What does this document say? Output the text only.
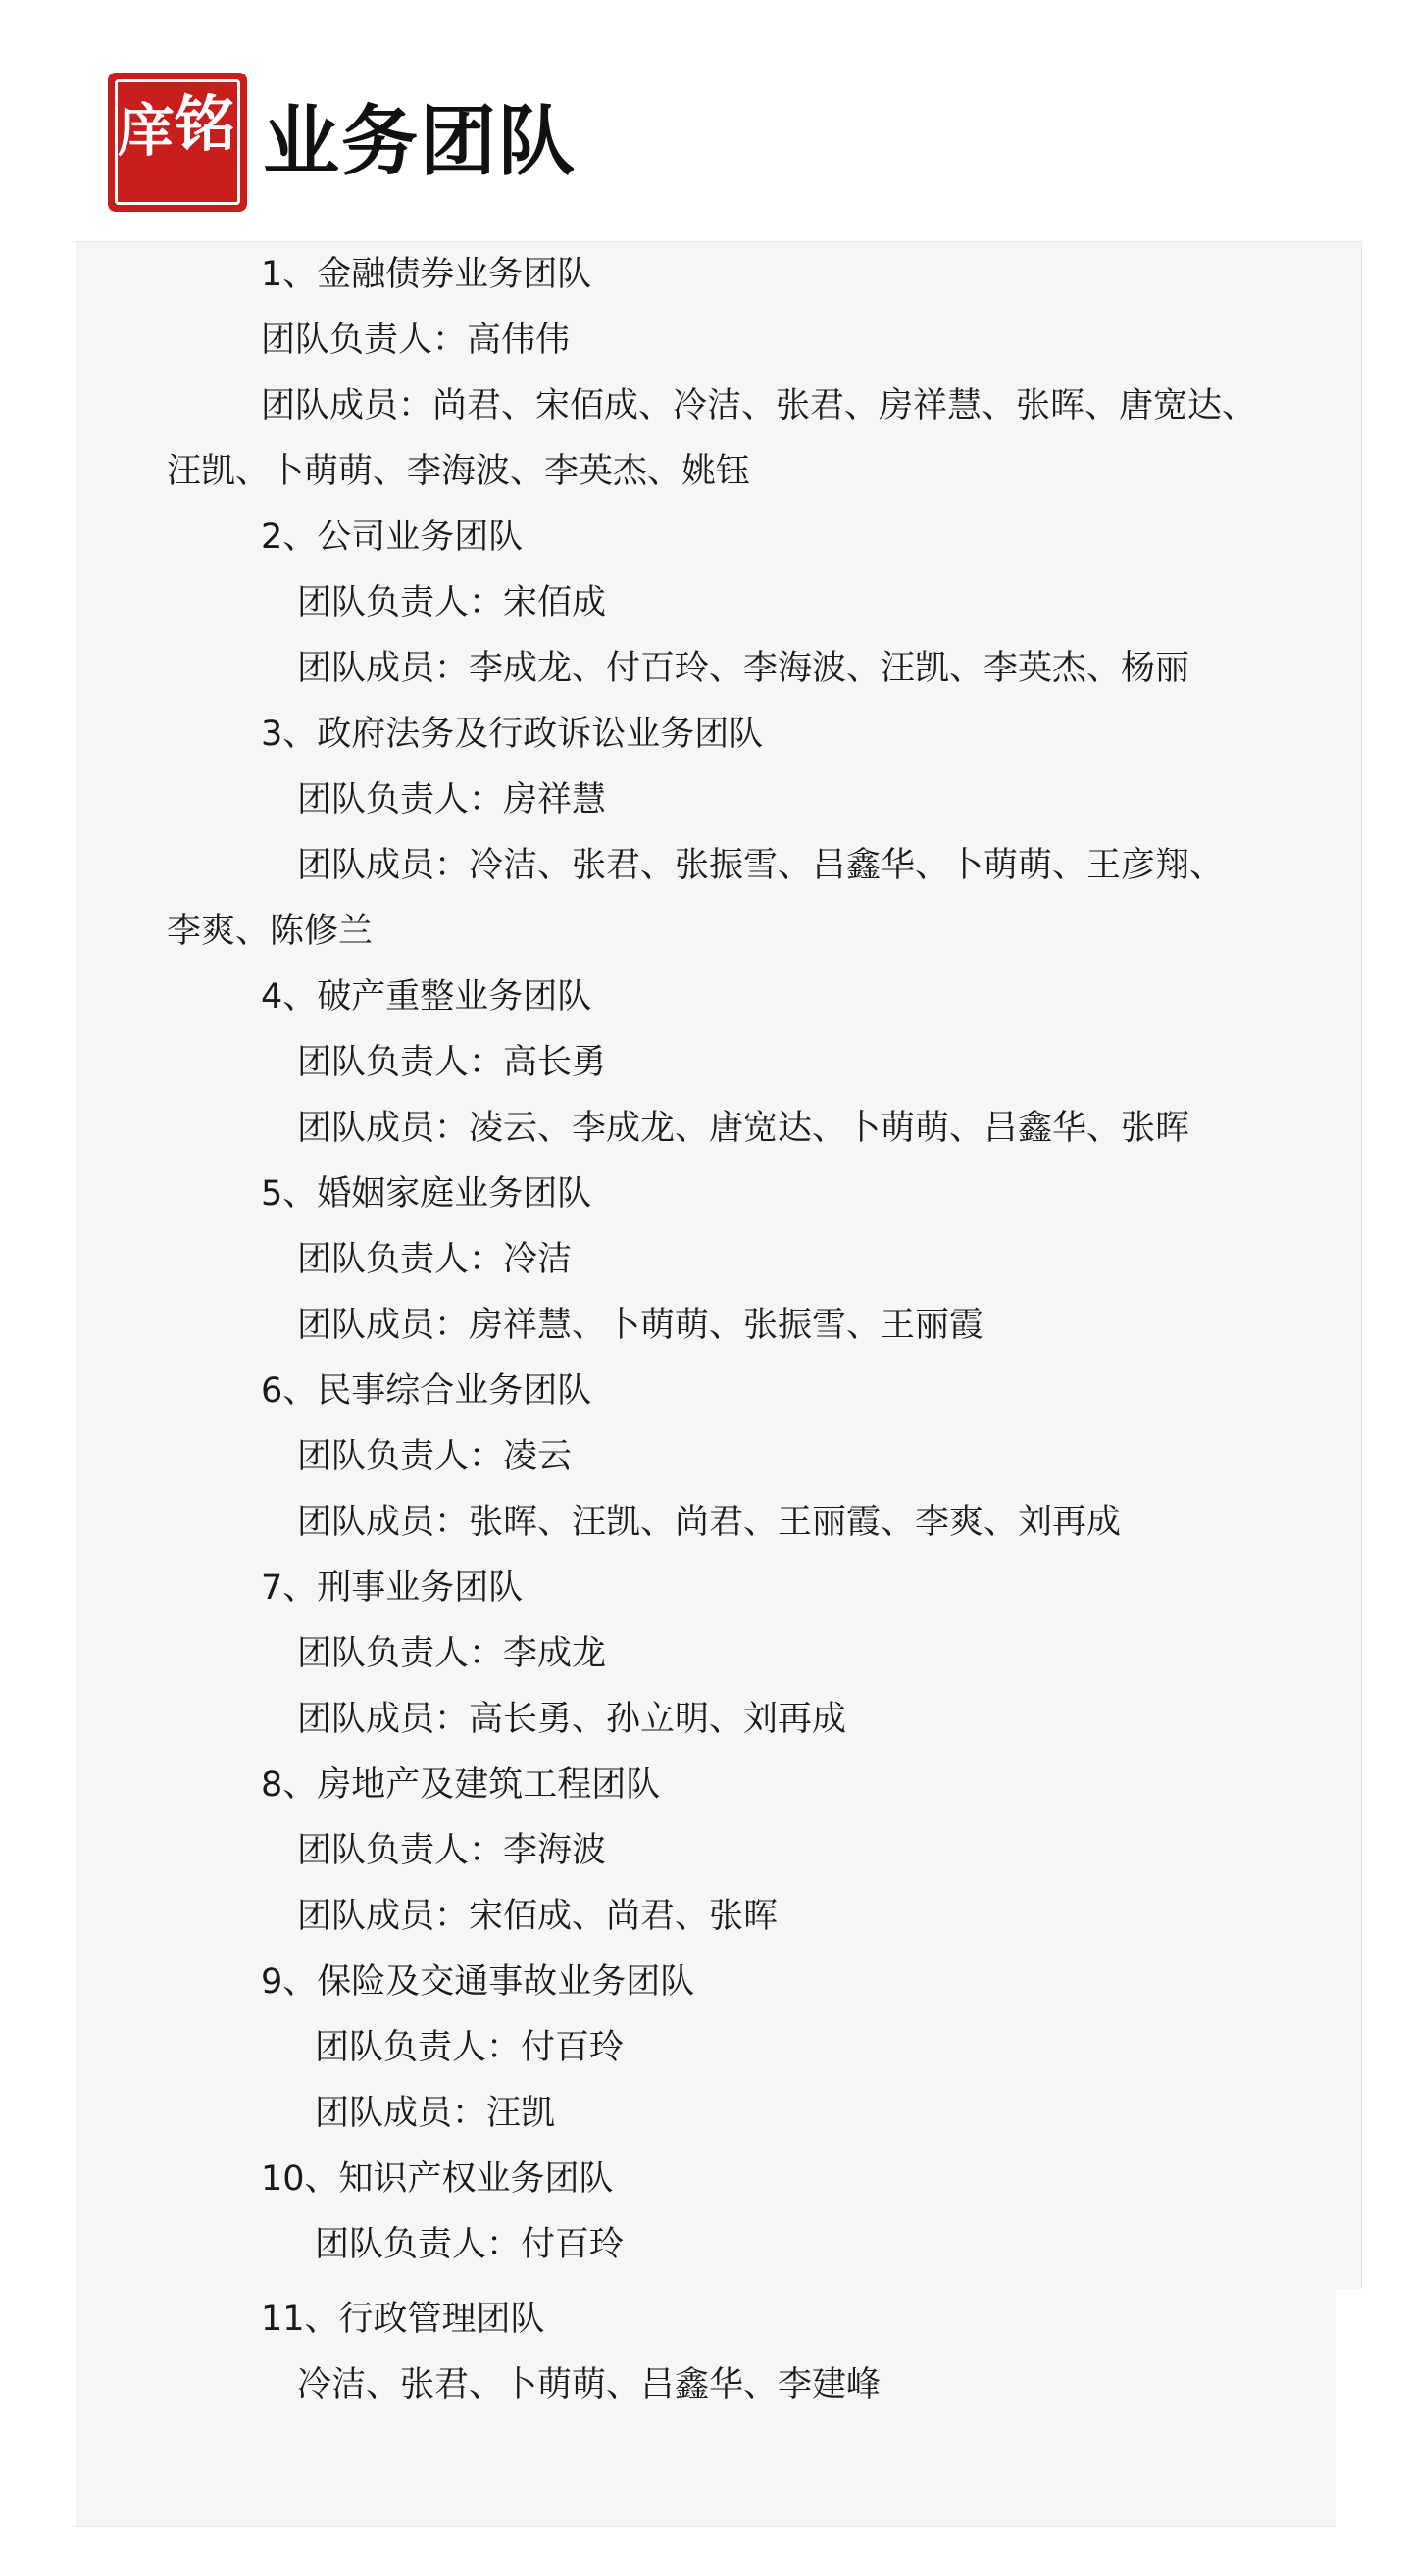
庠 铭 业务团队
1、金融债券业务团队
团队负责人：高伟伟
团队成员：尚君、宋佰成、冷洁、张君、房祥慧、张晖、唐宽达、
汪凯、卜萌萌、李海波、李英杰、姚钰
2、公司业务团队
团队负责人：宋佰成
团队成员：李成龙、付百玲、李海波、汪凯、李英杰、杨丽
3、政府法务及行政诉讼业务团队
团队负责人：房祥慧
团队成员：冷洁、张君、张振雪、吕鑫华、卜萌萌、王彦翔、
李爽、陈修兰
4、破产重整业务团队
团队负责人：高长勇
团队成员：凌云、李成龙、唐宽达、卜萌萌、吕鑫华、张晖
5、婚姻家庭业务团队
团队负责人：冷洁
团队成员：房祥慧、卜萌萌、张振雪、王丽霞
6、民事综合业务团队
团队负责人：凌云
团队成员：张晖、汪凯、尚君、王丽霞、李爽、刘再成
7、刑事业务团队
团队负责人：李成龙
团队成员：高长勇、孙立明、刘再成
8、房地产及建筑工程团队
团队负责人：李海波
团队成员：宋佰成、尚君、张晖
9、保险及交通事故业务团队
团队负责人：付百玲
团队成员：汪凯
10、知识产权业务团队
团队负责人：付百玲
11、行政管理团队
冷洁、张君、卜萌萌、吕鑫华、李建峰
